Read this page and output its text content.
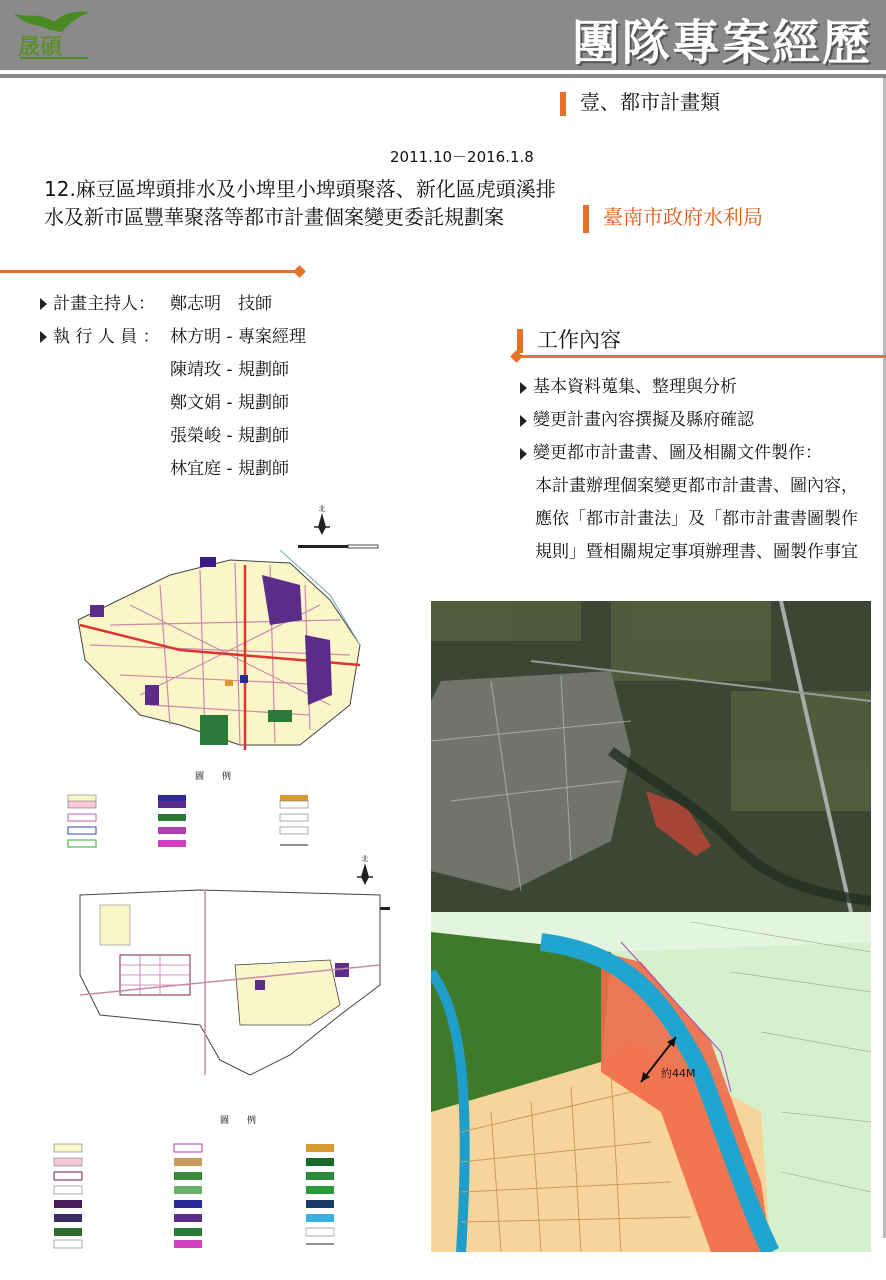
晟碩	團隊專案經歷
壹、都市計畫類
2011.10－2016.1.8
12.麻豆區埤頭排水及小埤里小埤頭聚落、新化區虎頭溪排水及新市區豐華聚落等都市計畫個案變更委託規劃案	臺南市政府水利局
計畫主持人： 鄭志明　技師
執 行 人 員 ： 林方明 - 專案經理
陳靖玫 - 規劃師
鄭文娟 - 規劃師
張榮峻 - 規劃師
林宜庭 - 規劃師
工作內容
基本資料蒐集、整理與分析
變更計畫內容撰擬及縣府確認
變更都市計畫書、圖及相關文件製作：
本計畫辦理個案變更都市計畫書、圖內容，應依「都市計畫法」及「都市計畫書圖製作規則」暨相關規定事項辦理書、圖製作事宜
北
圖　　例
北
圖　　例
約44M
